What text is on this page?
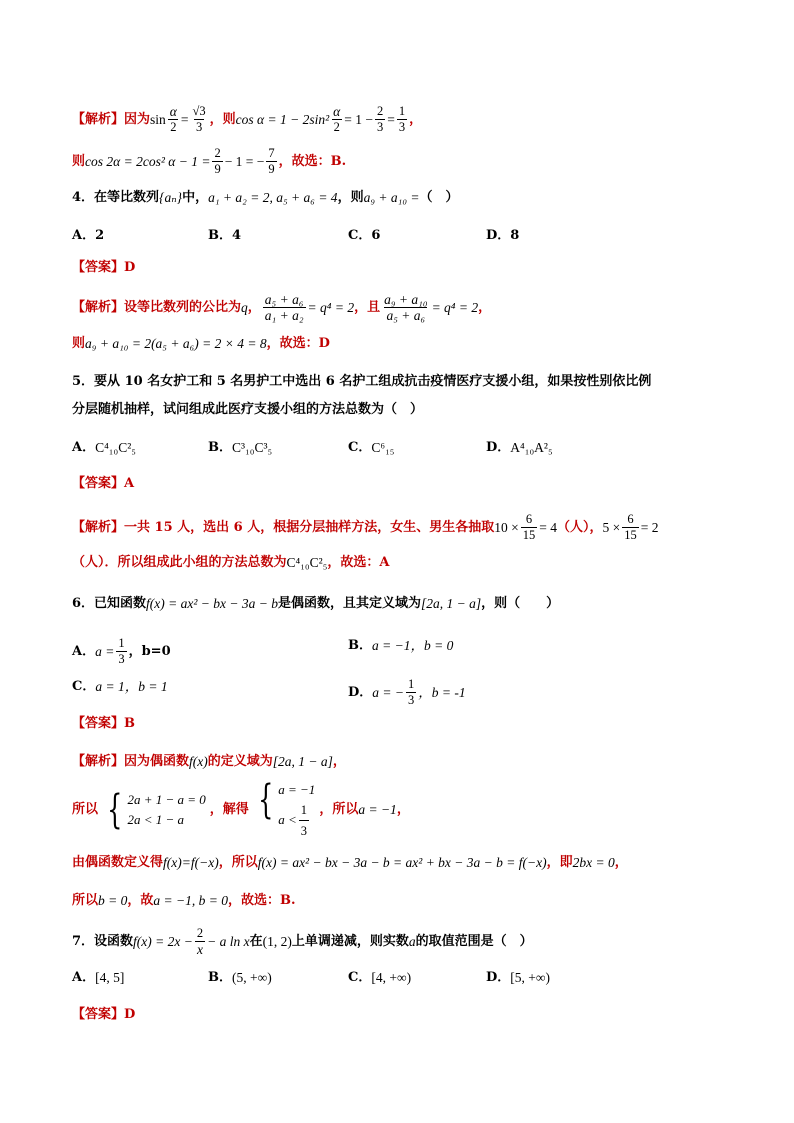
【解析】 因为 $\sin \frac{\alpha}{2} = \frac{√3}{3}$ ，则 $\cos \alpha = 1 - 2\sin^2 \frac{\alpha}{2} = 1 - \frac{2}{3} = \frac{1}{3}$ ，
则 cos 2α = 2cos² $\alpha - 1 = \frac{2}{9} - 1$ = − $\frac{7}{9}$ ，故选：B.
4．在等比数列 {aₙ} 中， a₁ + a₂ = 2, a₅ + a₆ = 4 ，则 a₉ + a₁₀ = （　）
A． 2	B． 4	C． 6	D． 8
【答案】 D
【解析】 设等比数列的公比为 q ， $\frac{\text{a₅ + a₆}}{\text{a₁ + a₂}} = q^4 = 2$ ，且 $\frac{\text{a₉ + a₁₀}}{\text{a₅ + a₆}} = q^4 = 2$ ，
则 a₉ + a₁₀ = 2(a₅ + a₆) = 2 × 4 = 8 ，故选：D
5．要从 10 名女护工和 5 名男护工中选出 6 名护工组成抗击疫情医疗支援小组，如果按性别依比例
分层随机抽样，试问组成此医疗支援小组的方法总数为（　）
A． C⁴₁₀C²₅	B． C³₁₀C³₅	C． C⁶₁₅	D． A⁴₁₀A²₅
【答案】 A
【解析】 一共 15 人，选出 6 人，根据分层抽样方法，女生、男生各抽取 $10 \times \frac{6}{15} = 4$ （人）， $5 \times \frac{6}{15} = 2$
（人）．所以组成此小组的方法总数为 C⁴₁₀C²₅ ，故选：A
6．已知函数 f(x) = ax² − bx − 3a − b 是偶函数，且其定义域为 [2a, 1 − a] ，则（　　）
A． $a = \frac{1}{3}$ ，b=0	B． a = −1，b = 0
C． a = 1，b = 1	D． a = − $\frac{1}{3}$ ，b = -1
【答案】 B
【解析】 因为偶函数 f(x) 的定义域为 [2a, 1 − a] ，
所以 { 2a + 1 − a = 0
2a < 1 − a
，解得 { a = −1
$a < \frac{1}{3}$ ，所以 a = −1 ，
由偶函数定义得 f(x)=f(−x) ，所以 f(x) = ax² − bx − 3a − b = ax² + bx − 3a − b = f(−x) ，即 2bx = 0 ，
所以 b = 0 ，故 a = −1, b = 0 ，故选：B.
7．设函数 $f(x) = 2x - \frac{2}{x} - a$ ln x 在 (1, 2) 上单调递减，则实数 a 的取值范围是（　）
A． [4, 5]	B． (5, +∞)	C． [4, +∞)	D． [5, +∞)
【答案】 D
